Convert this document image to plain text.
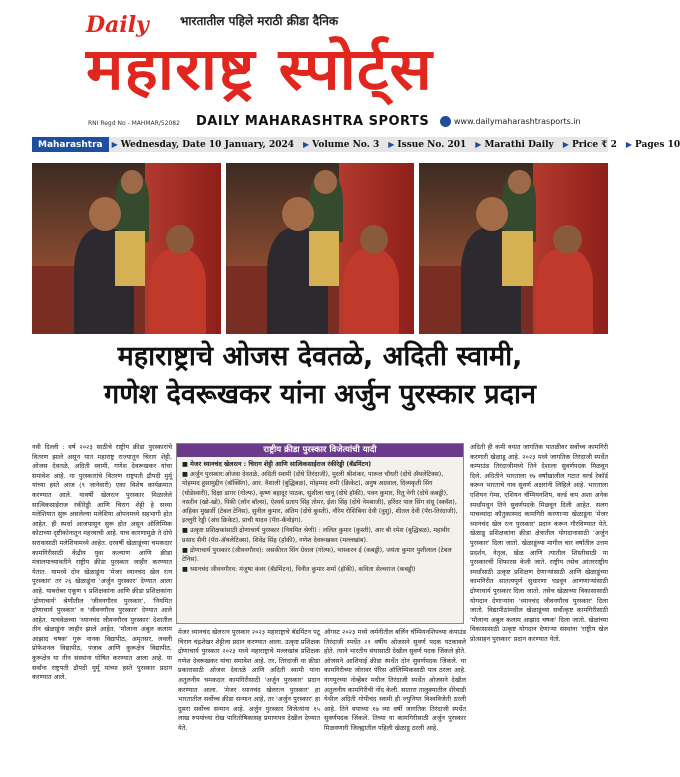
Daily	भारतातील पहिले मराठी क्रीडा दैनिक
महाराष्ट्र स्पोर्ट्स
RNI Regd No - MAHMAR/52082 DAILY MAHARASHTRA SPORTS	www.dailymaharashtrasports.in
Maharashtra	▶ Wednesday, Date 10 January, 2024 ▶ Volume No. 3 ▶ Issue No. 201 ▶ Marathi Daily ▶ Price ₹ 2 ▶ Pages 10
महाराष्ट्राचे ओजस देवतळे, अदिती स्वामी,
गणेश देवरूखकर यांना अर्जुन पुरस्कार प्रदान

नवी दिल्ली : वर्ष २०२३ साठीचे राष्ट्रीय क्रीडा पुरस्कारांचे वितरण झाले असून यात महाराष्ट्र राज्यातून चिराग शेट्टी, ओजस देवतळे, अदिती स्वामी, गणेश देवरूखकर यांचा समावेश आहे. या पुरस्कारांचे वितरण राष्ट्रपती द्रौपदी मुर्मू यांच्या हस्ते आज (९ जानेवारी) एका विशेष कार्यक्रमात करण्यात आले. यावर्षी खेलरत्न पुरस्कार मिळालेले सात्विकसाईराज रंकीरेड्डी आणि चिराग शेट्टी हे सध्या मलेशियात सुरू असलेल्या मलेशिया ओपनमध्ये सहभागी होत आहेत. ही स्पर्धा आजपासून सुरू होत असून ऑलिम्पिक कोटाच्या दृष्टीकोनातून महत्त्वाची आहे. याच कारणामुळे ते दोघे सरावासाठी मलेशियामध्ये आहेत. दरवर्षी खेळाडूंच्या चमकदार कामगिरीसाठी केंद्रीय युवा कल्याण आणि क्रीडा मंत्रालयाच्यावतीने राष्ट्रीय क्रीडा पुरस्कार जाहीर करण्यात येतात. यामध्ये दोन खेळाडूंना 'मेजर ध्यानचंद खेल रत्न पुरस्कार' तर २६ खेळाडूंना 'अर्जुन पुरस्कार' देण्यात आला आहे. याबरोबर एकूण ९ प्रशिक्षकांना आणि क्रीडा प्रशिक्षकांना 'द्रोणाचार्य' श्रेणीतील 'जीवनगौरव पुरस्कार', 'नियमित द्रोणाचार्य पुरस्कार' व 'जीवनगौरव पुरस्कार' देण्यात आले आहेत. पाचवेळच्या 'ध्यानचंद जीवनगौरव पुरस्कार' देशातील तीन खेळाडूंना जाहीर झाले आहेत. 'मौलाना अबुल कलाम आझाद चषक' गुरू नानक विद्यापीठ, अमृतसर, लवली प्रोफेशनल विद्यापीठ, पंजाब आणि कुरूक्षेत्र विद्यापीठ, कुरूक्षेत्र या तीन संस्थांना घोषित करण्यात आला आहे. या सर्वांना राष्ट्रपती द्रौपदी मुर्मू यांच्या हस्ते पुरस्कार प्रदान करण्यात आले.

राष्ट्रीय क्रीडा पुरस्कार विजेत्यांची यादी
■ मेजर ध्यानचंद खेलरत्न : चिराग शेट्टी आणि सात्विकसाईराज रंकीरेड्डी (बॅडमिंटन)
■ अर्जुन पुरस्कार:ओजस देवतळे, अदिती स्वामी (दोघे तिरंदाजी), मुरली श्रीशंकर, पारूल चौधरी (दोघे ॲथलेटिक्स), मोहम्मद हुसामुद्दीन (बॉक्सिंग), आर. वैशाली (बुद्धिबळ), मोहम्मद शमी (क्रिकेट), अनुष अग्रवाल, दिव्यकृती सिंग (घोडेस्वारी), दिक्षा डागर (गोल्फ), कृष्ण बहादूर पाठक, सुशीला चानू (दोघे हॉकी), पवन कुमार, रितू नेगी (दोघे कबड्डी), नसरीन (खो-खो), पिंकी (लॉन बॉल्स), ऐश्वर्य प्रताप सिंह तोमर, ईशा सिंह (दोघे नेमबाजी), हरिंदर पाल सिंग संधू (स्क्वॅश), अहिका मुखर्जी (टेबल टेनिस), सुनील कुमार, अंतिम (दोघे कुस्ती), नौरेम रोशिबिना देवी (वुशु), शीतल देवी (पॅरा-तिरंदाजी), इल्लुरी रेड्डी (अंध क्रिकेट), प्राची यादव (पॅरा-कॅनोइंग).
■ उत्कृष्ट प्रशिक्षकांसाठी द्रोणाचार्य पुरस्कार (नियमित श्रेणी) : ललित कुमार (कुस्ती), आर बी रमेश (बुद्धिबळ), महावीर प्रसाद सैनी (पॅरा-ॲथलेटिक्स), शिवेंद्र सिंह (हॉकी), गणेश देवरूखकर (मल्लखांब).
■ द्रोणाचार्य पुरस्कार (जीवनगौरव): जसकीरत सिंग ग्रेवाल (गोल्फ), भास्करन ई (कबड्डी), जयंता कुमार पुशीलाल (टेबल टेनिस).
■ ध्यानचंद जीवनगौरव: मंजुषा कंवर (बॅडमिंटन), विनीत कुमार शर्मा (हॉकी), कविता सेल्वराज (कबड्डी)

मेजर ध्यानचंद खेलरत्न पुरस्कार २०२३ महाराष्ट्राचे बॅडमिंटन पटू चिराग चंद्रशेखर शेट्टीला प्रदान करण्यात आला. उत्कृष्ट प्रशिक्षक द्रोणाचार्य पुरस्कार २०२३ मध्ये महाराष्ट्राचे मल्लखांब प्रशिक्षक गणेश देवरूखकर यांचा समावेश आहे. तर, तिरंदाजी या क्रीडा प्रकारासाठी ओजस देवतळे आणि अदिती स्वामी यांना अतुलनीय चमकदार कामगिरीसाठी 'अर्जुन पुरस्कार' प्रदान करण्यात आला. 'मेजर ध्यानचंद खेलरत्न पुरस्कार' हा भारतातील सर्वोच्च क्रीडा सन्मान आहे, तर 'अर्जुन पुरस्कार' हा दुसरा सर्वोच्च सन्मान आहे. अर्जुन पुरस्कार विजेत्यांना १५ लाख रुपयांच्या रोख पारितोषिकासह प्रमाणपत्र देखील देण्यात येते.

ऑगस्ट २०२३ मध्ये जर्मनीतील बर्लिन चॅम्पियनशिपच्या कंपाउंड तिरंदाजी स्पर्धेत २१ वर्षीय ओजसने सुवर्ण पदक पटकावले होते. त्याने भारतीय संघासाठी देखील सुवर्ण पदक जिंकले होते. ओजसने आशियाई क्रीडा स्पर्धेत दोन सुवर्णपदक जिंकले. या कामगिरीच्या जोरावर पॅरिस ऑलिम्पिकसाठी पात्र ठरला आहे. नागपूरच्या नोव्हेंबर मधील तिरंदाजी स्पर्धेत ओजसने देखील अतुलनीय कामगिरीची नोंद केली. सातारा तालुक्यातील शेरेवाडी येथील अदिती गोपीचंद स्वामी ही ज्युनियर विश्वविजेती ठरली आहे. तिने वयाच्या १७ व्या वर्षी जागतिक तिरंदाजी स्पर्धेत सुवर्णपदक जिंकले. तिच्या या कामगिरीसाठी अर्जुन पुरस्कार मिळवणारी जिल्ह्यातील पहिली खेळाडू ठरली आहे.

अदिती ही कमी वयात जागतिक पातळीवर सर्वोच्च कामगिरी करणारी खेळाडू आहे. २०२३ मध्ये जागतिक तिरंदाजी स्पर्धेत कम्पाउंड तिरंदाजीमध्ये तिने देशाला सुवर्णपदक मिळवून दिले. अदितीने भारताला १७ वर्षांखालील गटात वर्ल्ड रेकॉर्ड करून भारताचे नाव सुवर्ण अक्षरांनी लिहिले आहे. भारताला एशियन गेम्स, एशियन चॅम्पियनशिप, वर्ल्ड कप अशा अनेक स्पर्धांमधून तिने सुवर्णपदके मिळवून दिली आहेत. सलग पाचव्यांदा कौतुकास्पद कामगिरी करणाऱ्या खेळाडूंना 'मेजर ध्यानचंद खेल रत्न पुरस्कार' प्रदान करून गौरविण्यात येते. खेळाडू प्रशिक्षकांना क्रीडा क्षेत्रातील योगदानासाठी 'अर्जुन पुरस्कार' दिला जातो. खेळाडूंच्या मागील चार वर्षांतील उत्तम प्रदर्शन, नेतृत्व, खेळ आणि त्यातील शिस्तीसाठी या पुरस्कारची शिफारस केली जाते. राष्ट्रीय तसेच आंतरराष्ट्रीय स्पर्धांसाठी उत्कृष्ट प्रशिक्षण देणाऱ्यांसाठी आणि खेळाडूंच्या कामगिरीत सातत्यपूर्ण सुधारणा घडवून आणणाऱ्यांसाठी द्रोणाचार्य पुरस्कार दिला जातो. तसेच खेळाच्या विकासासाठी योगदान देणाऱ्यांना 'ध्यानचंद जीवनगौरव पुरस्कार' दिला जातो. विद्यापीठांमधील खेळाडूंच्या सर्वोत्कृष्ट कामगिरीसाठी 'मौलाना अबुल कलाम आझाद चषक' दिला जातो. खेळांच्या विकासासाठी उत्कृष्ट योगदान देणाऱ्या संस्थांना 'राष्ट्रीय खेल प्रोत्साहन पुरस्कार' प्रदान करण्यात येतो.
